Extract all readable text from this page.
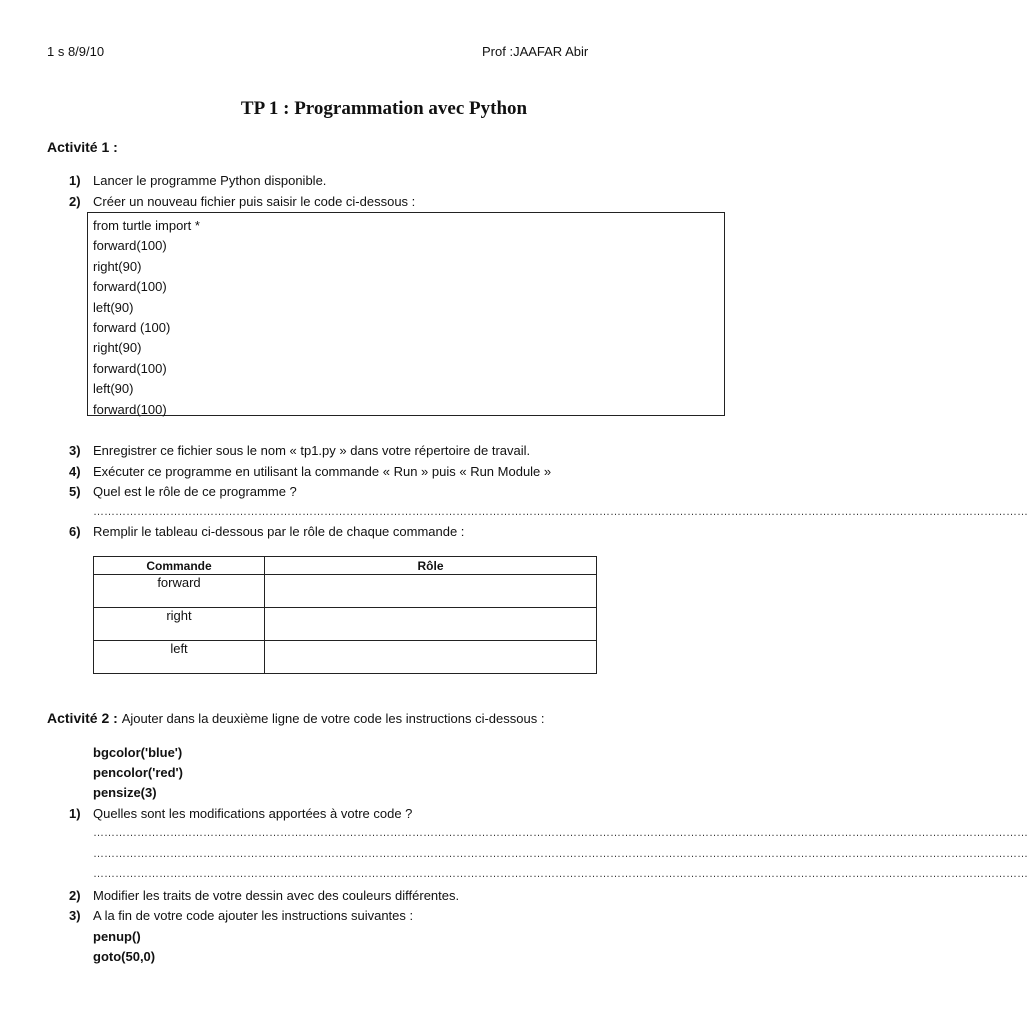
1 s 8/9/10	Prof :JAAFAR Abir
TP 1 : Programmation avec Python
Activité 1 :
1) Lancer le programme Python disponible.
2) Créer un nouveau fichier puis saisir le code ci-dessous :
from turtle import *
forward(100)
right(90)
forward(100)
left(90)
forward (100)
right(90)
forward(100)
left(90)
forward(100)
3) Enregistrer ce fichier sous le nom « tp1.py » dans votre répertoire de travail.
4) Exécuter ce programme en utilisant la commande « Run » puis « Run Module »
5) Quel est le rôle de ce programme ?
…………………………………………………………………………………………………………………………………………………………………………………………………………………………………
6) Remplir le tableau ci-dessous par le rôle de chaque commande :
Commande	Rôle
forward	
right	
left	
Activité 2 : Ajouter dans la deuxième ligne de votre code les instructions ci-dessous :
bgcolor('blue')
pencolor('red')
pensize(3)
1) Quelles sont les modifications apportées à votre code ?
…………………………………………………………………………………………………………………………………………………………………………………………………………………………………
…………………………………………………………………………………………………………………………………………………………………………………………………………………………………
…………………………………………………………………………………………………………………………………………………………………………………………………………………………………
2) Modifier les traits de votre dessin avec des couleurs différentes.
3) A la fin de votre code ajouter les instructions suivantes :
penup()
goto(50,0)
